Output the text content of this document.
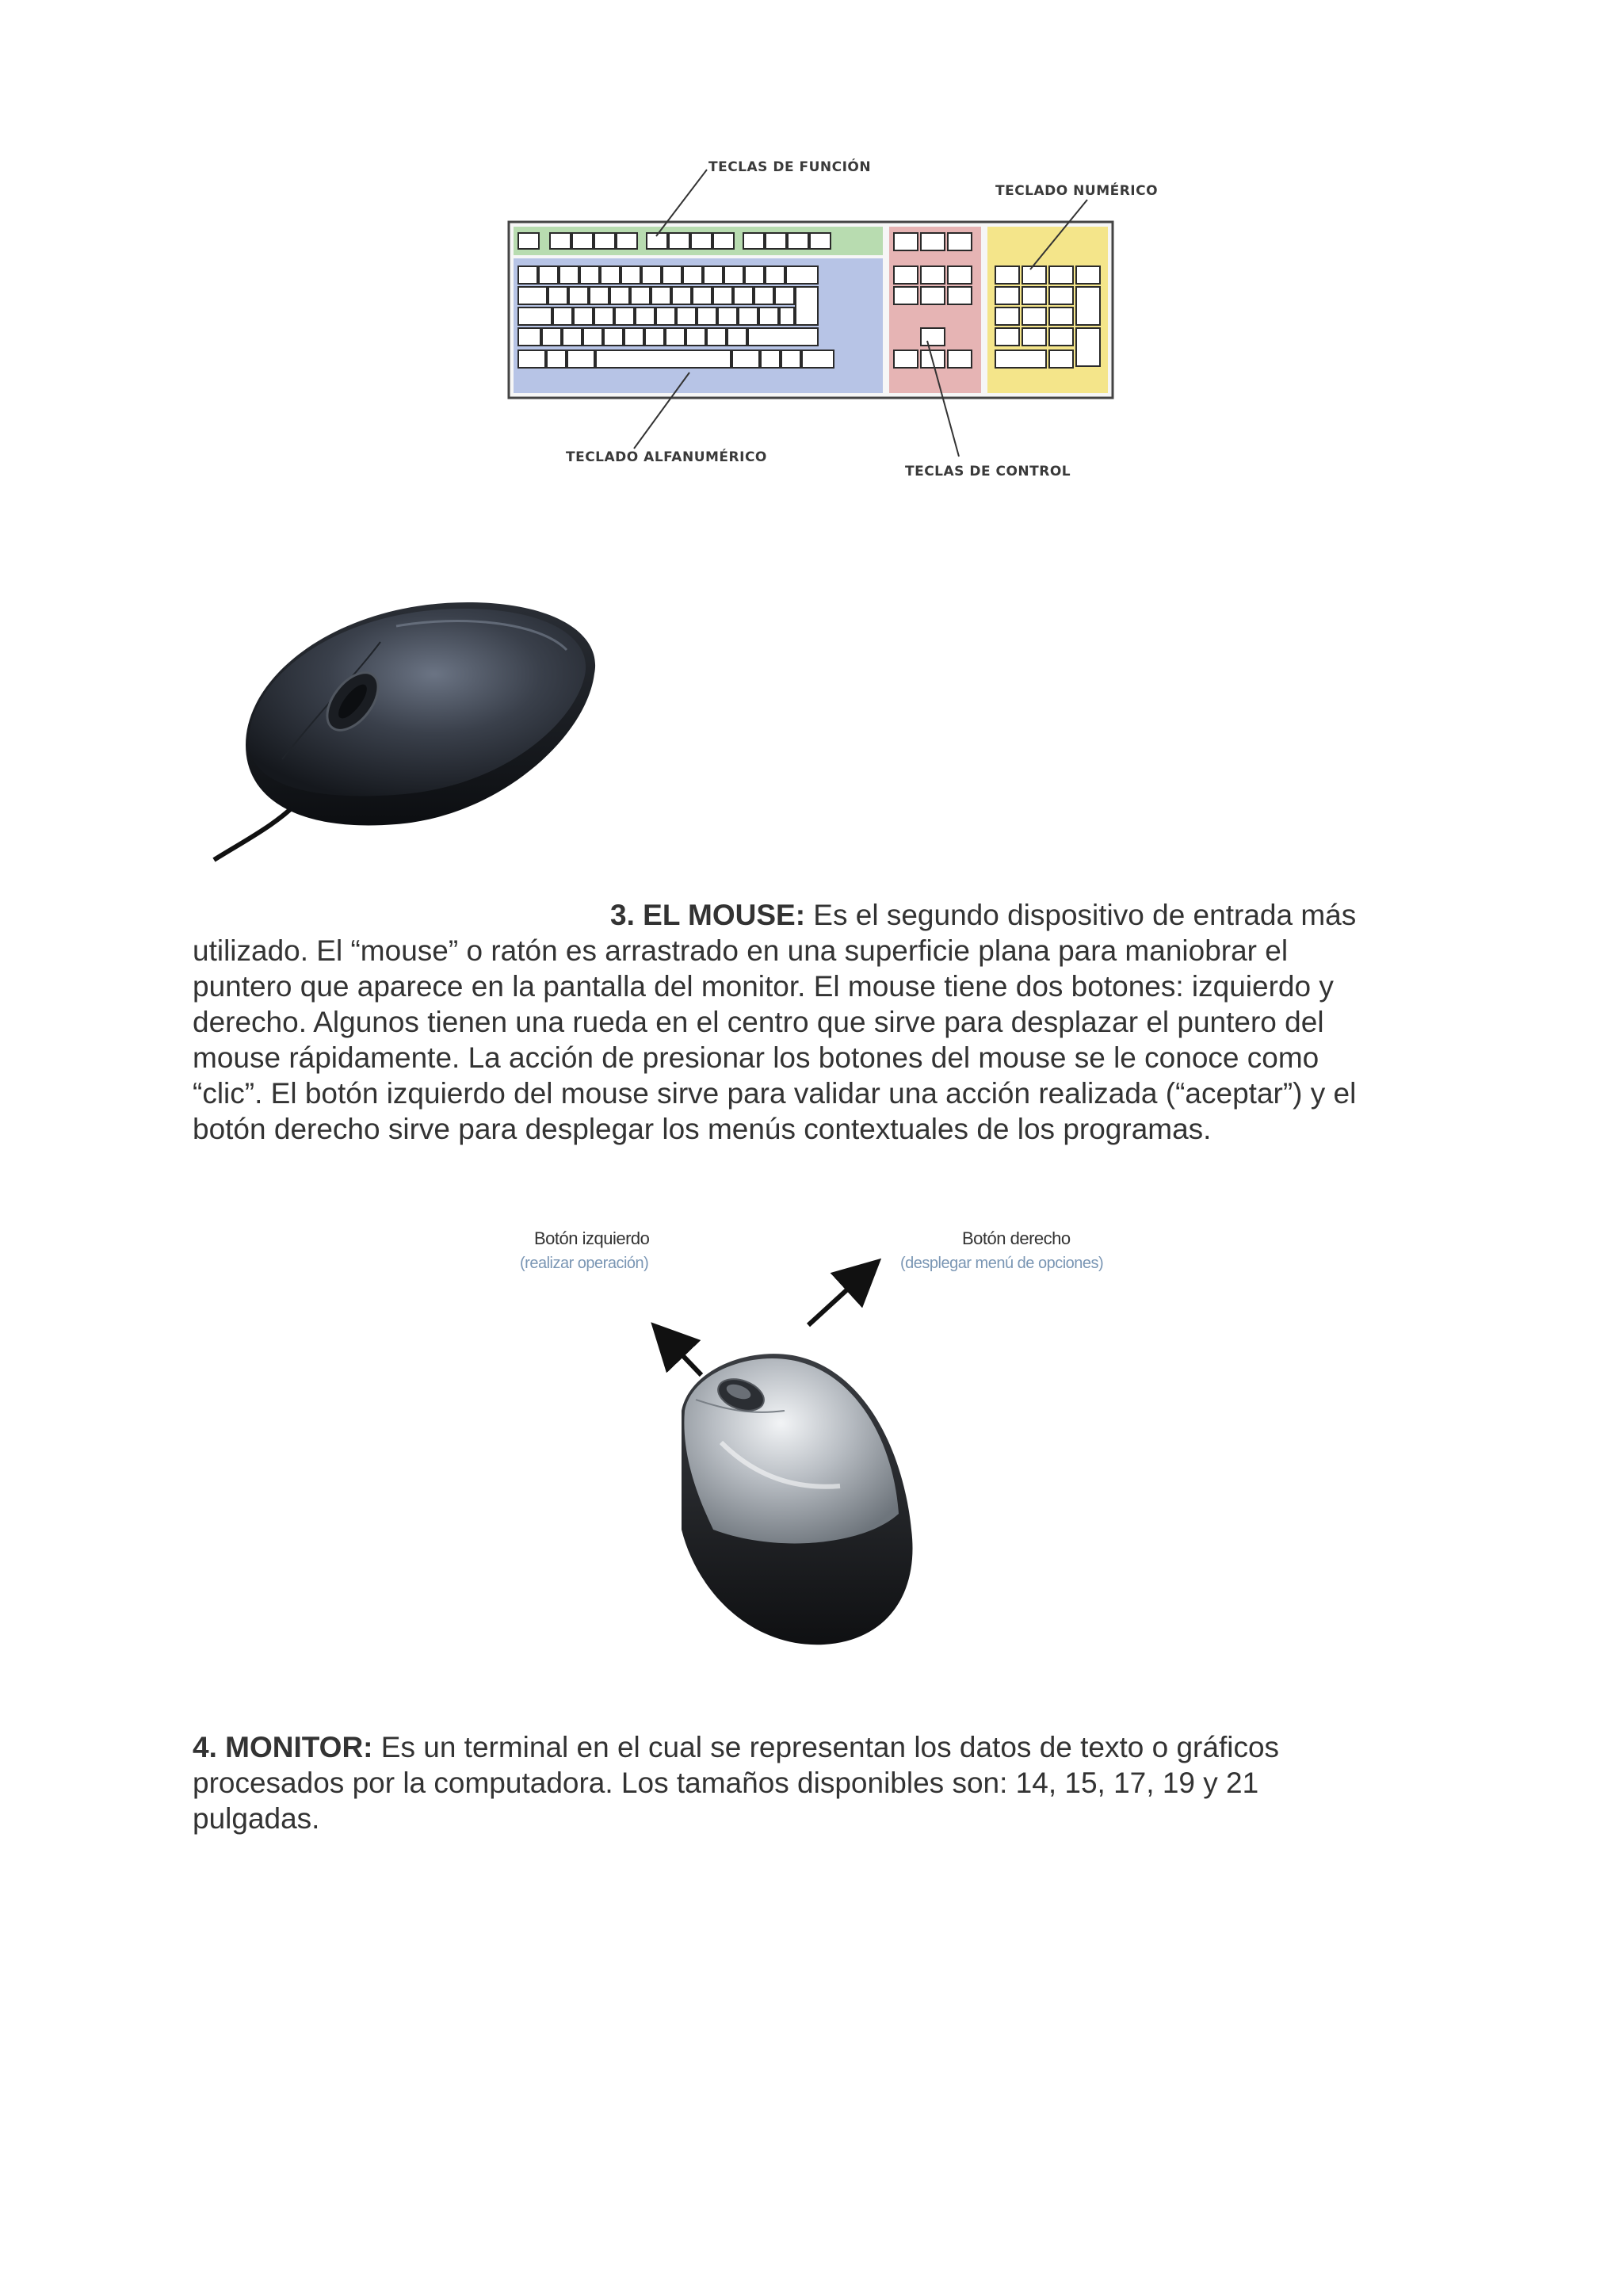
TECLAS DE FUNCIÓN
TECLADO NUMÉRICO
TECLADO ALFANUMÉRICO
TECLAS DE CONTROL
3. EL MOUSE: Es el segundo dispositivo de entrada más
utilizado. El “mouse” o ratón es arrastrado en una superficie plana para maniobrar el
puntero que aparece en la pantalla del monitor. El mouse tiene dos botones: izquierdo y
derecho. Algunos tienen una rueda en el centro que sirve para desplazar el puntero del
mouse rápidamente. La acción de presionar los botones del mouse se le conoce como
“clic”. El botón izquierdo del mouse sirve para validar una acción realizada (“aceptar”) y el
botón derecho sirve para desplegar los menús contextuales de los programas.
Botón izquierdo
(realizar operación)
Botón derecho
(desplegar menú de opciones)
4. MONITOR: Es un terminal en el cual se representan los datos de texto o gráficos
procesados por la computadora. Los tamaños disponibles son: 14, 15, 17, 19 y 21
pulgadas.
